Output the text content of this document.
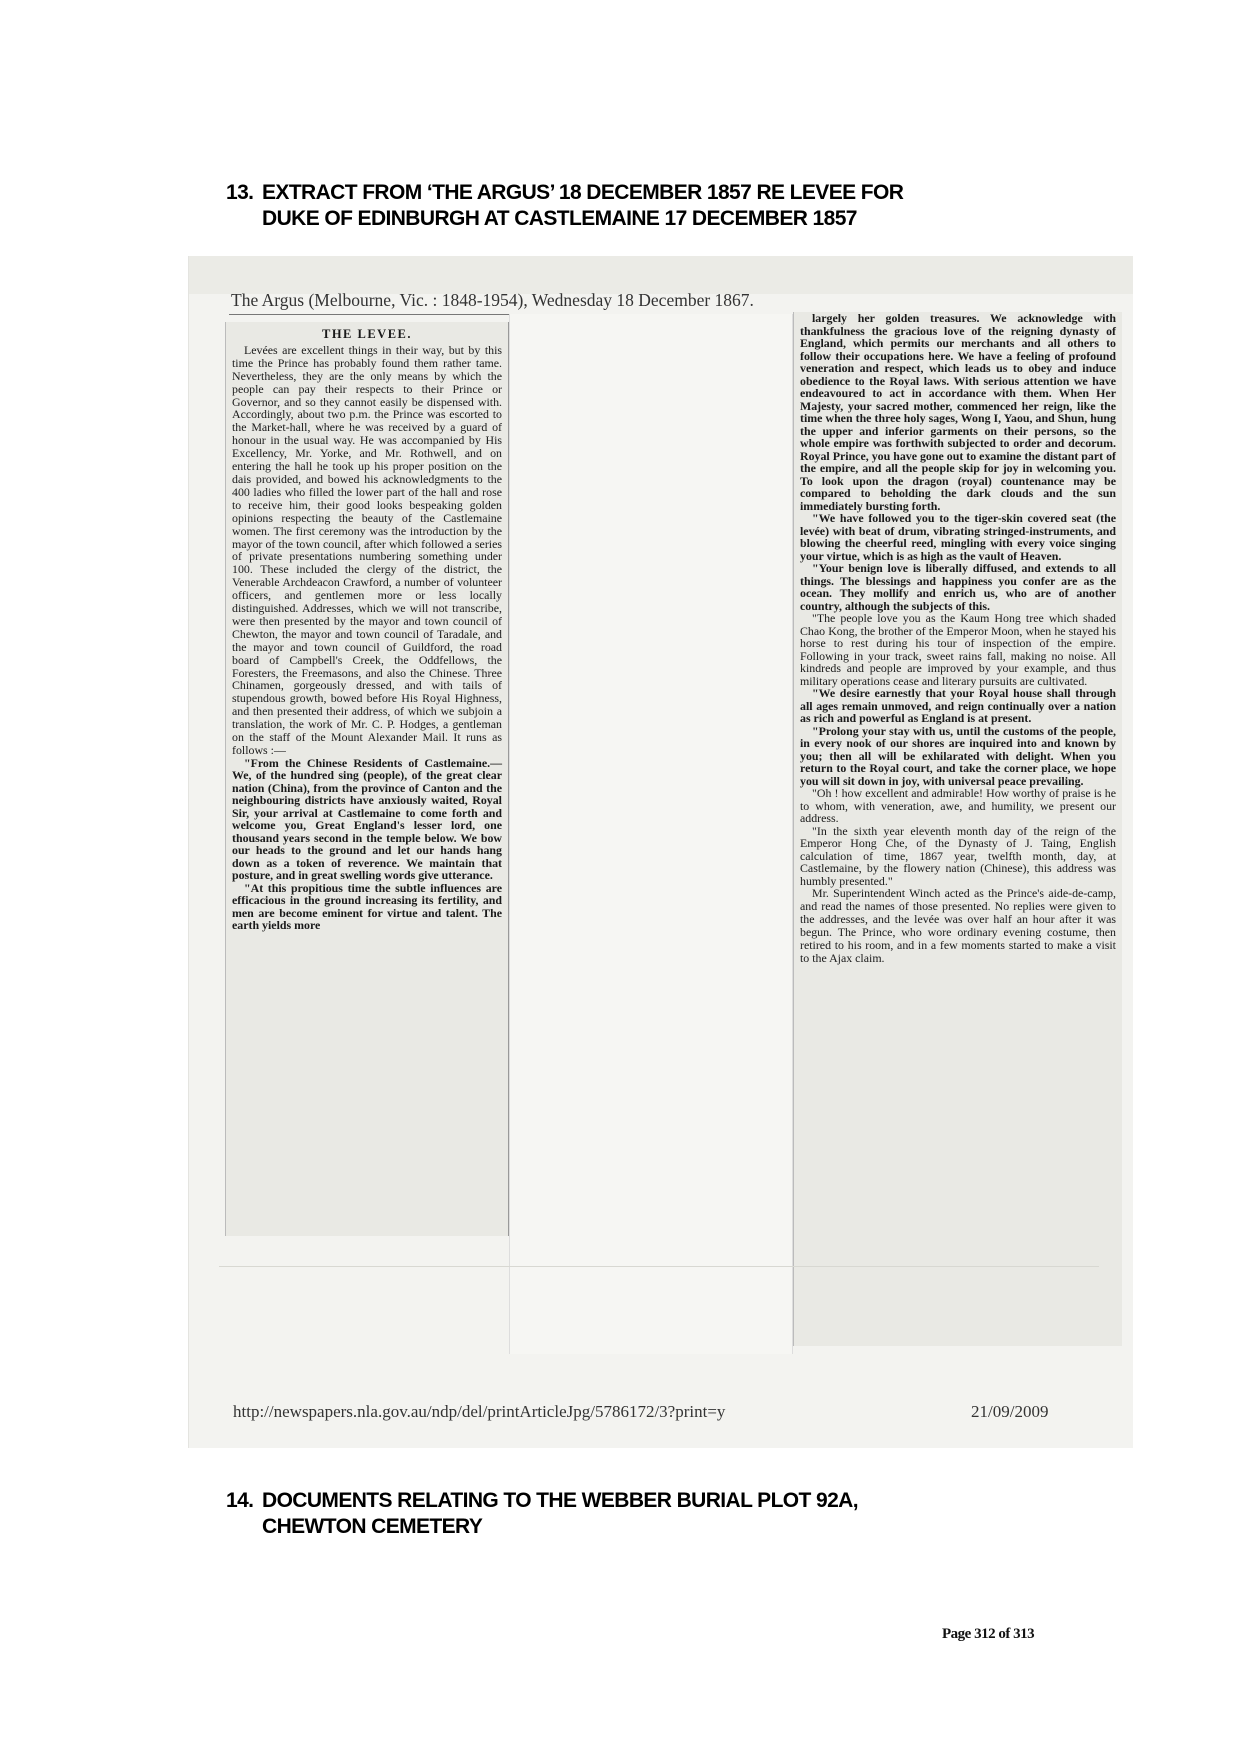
13. EXTRACT FROM ‘THE ARGUS’ 18 DECEMBER 1857 RE LEVEE FOR
DUKE OF EDINBURGH AT CASTLEMAINE 17 DECEMBER 1857
The Argus (Melbourne, Vic. : 1848-1954), Wednesday 18 December 1867.

THE LEVEE.

Levées are excellent things in their way, but by this time the Prince has probably found them rather tame. Nevertheless, they are the only means by which the people can pay their respects to their Prince or Governor, and so they cannot easily be dispensed with. Accordingly, about two p.m. the Prince was escorted to the Market-hall, where he was received by a guard of honour in the usual way. He was accompanied by His Excellency, Mr. Yorke, and Mr. Rothwell, and on entering the hall he took up his proper position on the dais provided, and bowed his acknowledgments to the 400 ladies who filled the lower part of the hall and rose to receive him, their good looks bespeaking golden opinions respecting the beauty of the Castlemaine women. The first ceremony was the introduction by the mayor of the town council, after which followed a series of private presentations numbering something under 100. These included the clergy of the district, the Venerable Archdeacon Crawford, a number of volunteer officers, and gentlemen more or less locally distinguished. Addresses, which we will not transcribe, were then presented by the mayor and town council of Chewton, the mayor and town council of Taradale, and the mayor and town council of Guildford, the road board of Campbell's Creek, the Oddfellows, the Foresters, the Freemasons, and also the Chinese. Three Chinamen, gorgeously dressed, and with tails of stupendous growth, bowed before His Royal Highness, and then presented their address, of which we subjoin a translation, the work of Mr. C. P. Hodges, a gentleman on the staff of the Mount Alexander Mail. It runs as follows :—

"From the Chinese Residents of Castlemaine.—We, of the hundred sing (people), of the great clear nation (China), from the province of Canton and the neighbouring districts have anxiously waited, Royal Sir, your arrival at Castlemaine to come forth and welcome you, Great England's lesser lord, one thousand years second in the temple below. We bow our heads to the ground and let our hands hang down as a token of reverence. We maintain that posture, and in great swelling words give utterance.

"At this propitious time the subtle influences are efficacious in the ground increasing its fertility, and men are become eminent for virtue and talent. The earth yields more

largely her golden treasures. We acknowledge with thankfulness the gracious love of the reigning dynasty of England, which permits our merchants and all others to follow their occupations here. We have a feeling of profound veneration and respect, which leads us to obey and induce obedience to the Royal laws. With serious attention we have endeavoured to act in accordance with them. When Her Majesty, your sacred mother, commenced her reign, like the time when the three holy sages, Wong I, Yaou, and Shun, hung the upper and inferior garments on their persons, so the whole empire was forthwith subjected to order and decorum. Royal Prince, you have gone out to examine the distant part of the empire, and all the people skip for joy in welcoming you. To look upon the dragon (royal) countenance may be compared to beholding the dark clouds and the sun immediately bursting forth.

"We have followed you to the tiger-skin covered seat (the levée) with beat of drum, vibrating stringed-instruments, and blowing the cheerful reed, mingling with every voice singing your virtue, which is as high as the vault of Heaven.

"Your benign love is liberally diffused, and extends to all things. The blessings and happiness you confer are as the ocean. They mollify and enrich us, who are of another country, although the subjects of this.

"The people love you as the Kaum Hong tree which shaded Chao Kong, the brother of the Emperor Moon, when he stayed his horse to rest during his tour of inspection of the empire. Following in your track, sweet rains fall, making no noise. All kindreds and people are improved by your example, and thus military operations cease and literary pursuits are cultivated.

"We desire earnestly that your Royal house shall through all ages remain unmoved, and reign continually over a nation as rich and powerful as England is at present.

"Prolong your stay with us, until the customs of the people, in every nook of our shores are inquired into and known by you; then all will be exhilarated with delight. When you return to the Royal court, and take the corner place, we hope you will sit down in joy, with universal peace prevailing.

"Oh ! how excellent and admirable! How worthy of praise is he to whom, with veneration, awe, and humility, we present our address.

"In the sixth year eleventh month day of the reign of the Emperor Hong Che, of the Dynasty of J. Taing, English calculation of time, 1867 year, twelfth month, day, at Castlemaine, by the flowery nation (Chinese), this address was humbly presented."

Mr. Superintendent Winch acted as the Prince's aide-de-camp, and read the names of those presented. No replies were given to the addresses, and the levée was over half an hour after it was begun. The Prince, who wore ordinary evening costume, then retired to his room, and in a few moments started to make a visit to the Ajax claim.

http://newspapers.nla.gov.au/ndp/del/printArticleJpg/5786172/3?print=y	21/09/2009
14. DOCUMENTS RELATING TO THE WEBBER BURIAL PLOT 92A,
CHEWTON CEMETERY
Page 312 of 313
